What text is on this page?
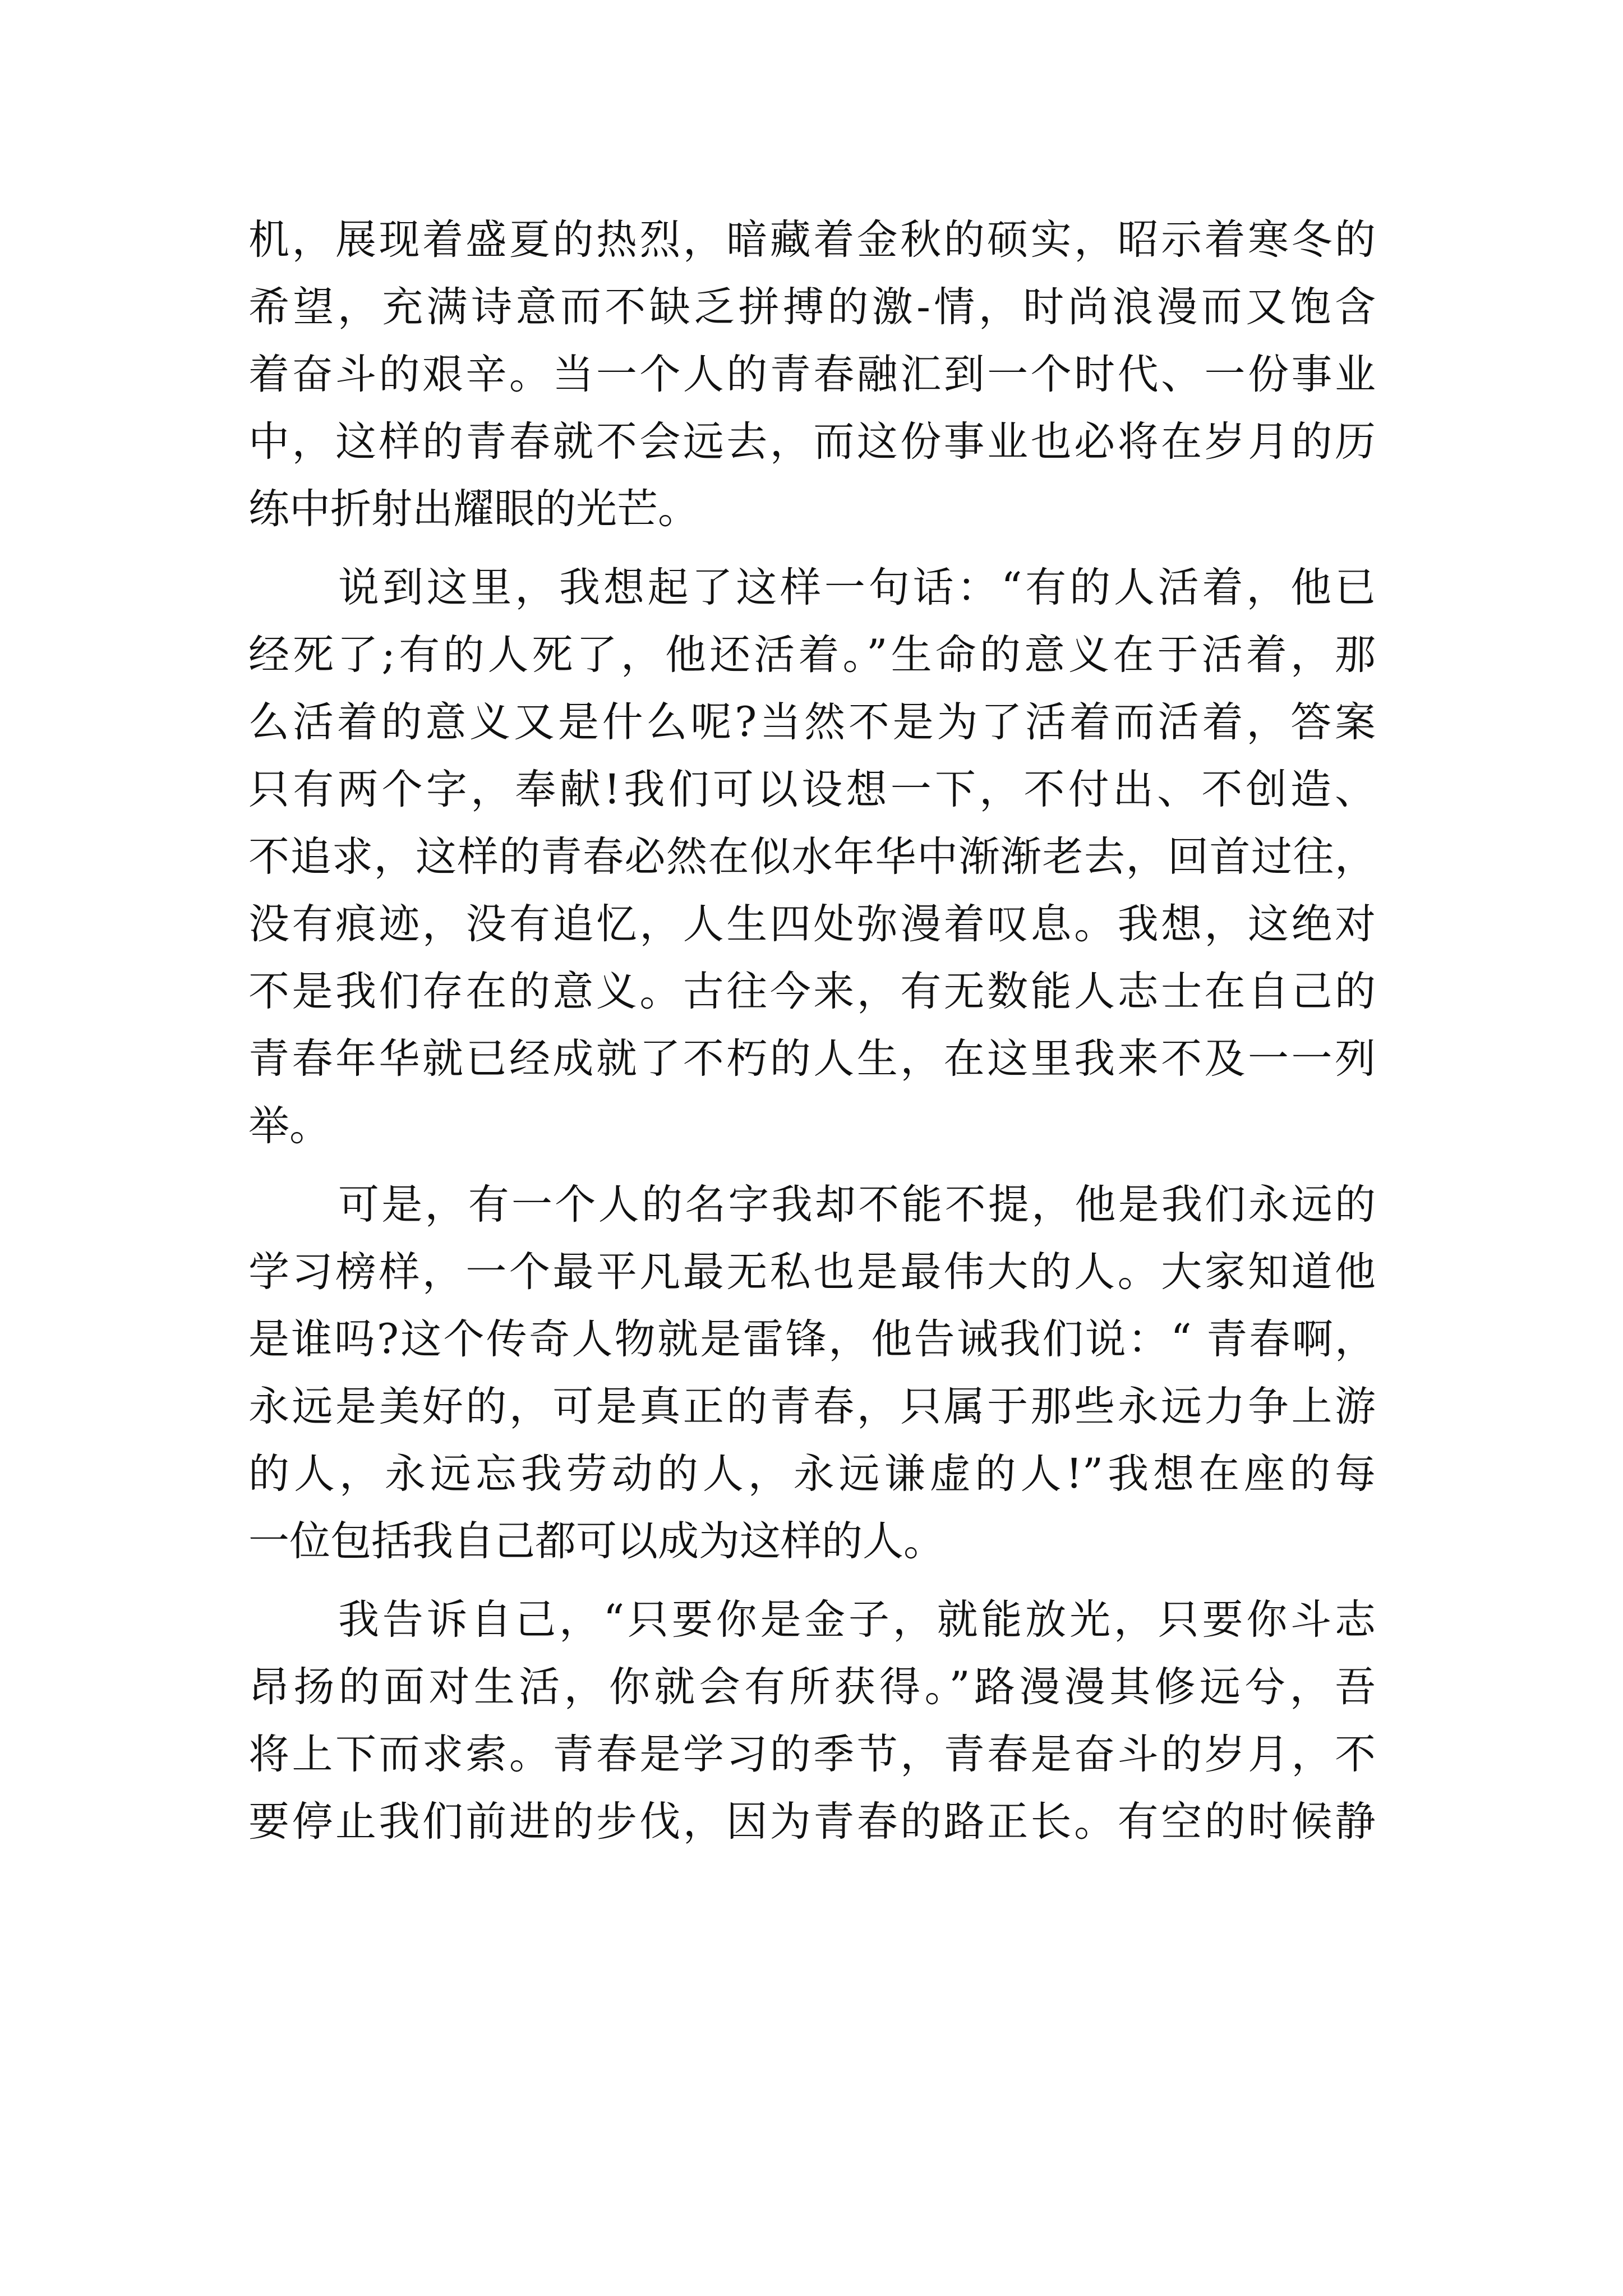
机，展现着盛夏的热烈，暗藏着金秋的硕实，昭示着寒冬的
希望，充满诗意而不缺乏拼搏的激-情，时尚浪漫而又饱含
着奋斗的艰辛。当一个人的青春融汇到一个时代、一份事业
中，这样的青春就不会远去，而这份事业也必将在岁月的历
练中折射出耀眼的光芒。
说到这里，我想起了这样一句话：“有的人活着，他已
经死了;有的人死了，他还活着。”生命的意义在于活着，那
么活着的意义又是什么呢?当然不是为了活着而活着，答案
只有两个字，奉献!我们可以设想一下，不付出、不创造、
不追求，这样的青春必然在似水年华中渐渐老去，回首过往，
没有痕迹，没有追忆，人生四处弥漫着叹息。我想，这绝对
不是我们存在的意义。古往今来，有无数能人志士在自己的
青春年华就已经成就了不朽的人生，在这里我来不及一一列
举。
可是，有一个人的名字我却不能不提，他是我们永远的
学习榜样，一个最平凡最无私也是最伟大的人。大家知道他
是谁吗?这个传奇人物就是雷锋，他告诫我们说：“ 青春啊，
永远是美好的，可是真正的青春，只属于那些永远力争上游
的人，永远忘我劳动的人，永远谦虚的人!”我想在座的每
一位包括我自己都可以成为这样的人。
我告诉自己，“只要你是金子，就能放光，只要你斗志
昂扬的面对生活，你就会有所获得。”路漫漫其修远兮，吾
将上下而求索。青春是学习的季节，青春是奋斗的岁月，不
要停止我们前进的步伐，因为青春的路正长。有空的时候静
